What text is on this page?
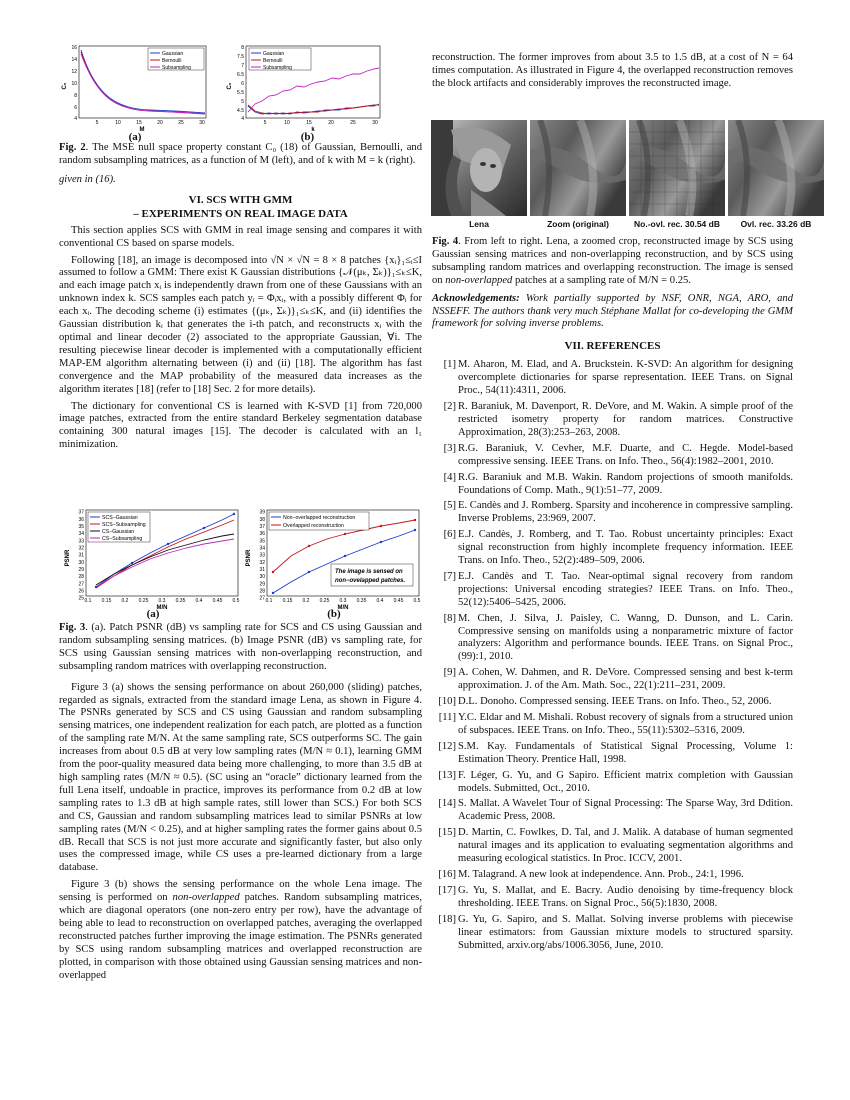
16
14
12
10
8
6
4
5	10	15	20	25	30
M
C₀
Gaussian
Bernoulli
Subsampling
(a)
8
7.5
7
6.5
6
5.5
5
4.5
4
5	10	15	20	25	30
k
C₀
Gaussian
Bernoulli
Subsampling
(b)

Fig. 2. The MSE null space property constant C₀ (18) of Gaussian, Bernoulli, and random subsampling matrices, as a function of M (left), and of k with M = k (right).

given in (16).

VI. SCS WITH GMM
– EXPERIMENTS ON REAL IMAGE DATA

This section applies SCS with GMM in real image sensing and compares it with conventional CS based on sparse models.

Following [18], an image is decomposed into √N × √N = 8 × 8 patches {xᵢ}₁≤ᵢ≤I assumed to follow a GMM: There exist K Gaussian distributions {𝒩(μₖ, Σₖ)}₁≤ₖ≤K, and each image patch xᵢ is independently drawn from one of these Gaussians with an unknown index k. SCS samples each patch yᵢ = Φᵢxᵢ, with a possibly different Φᵢ for each xᵢ. The decoding scheme (i) estimates {(μₖ, Σₖ)}₁≤ₖ≤K, and (ii) identifies the Gaussian distribution kᵢ that generates the i-th patch, and reconstructs xᵢ with the optimal and linear decoder (2) associated to the appropriate Gaussian, ∀i. The resulting piecewise linear decoder is implemented with a computationally efficient MAP-EM algorithm alternating between (i) and (ii) [18]. The algorithm has fast convergence and the MAP probability of the measured data increases as the algorithm iterates [18] (refer to [18] Sec. 2 for more details).

The dictionary for conventional CS is learned with K-SVD [1] from 720,000 image patches, extracted from the entire standard Berkeley segmentation database containing 300 natural images [15]. The decoder is calculated with an l₁ minimization.

37
36
35
34
33
32
31
30
29
28
27
26
25 0.1 0.15 0.2 0.25 0.3 0.35 0.4 0.45 0.5
M/N
PSNR
SCS−Gaussian
SCS−Subsampling
CS−Gaussian
CS−Subsampling
(a)
39
38
37
36
35
34
33
32
31
30
29
28
27 0.1 0.15 0.2 0.25 0.3 0.35 0.4 0.45 0.5
M/N
PSNR
Non−overlapped reconstruction
Overlapped reconstruction
The image is sensed on
non−ovelapped patches.
(b)

Fig. 3. (a). Patch PSNR (dB) vs sampling rate for SCS and CS using Gaussian and random subsampling sensing matrices. (b) Image PSNR (dB) vs sampling rate, for SCS using Gaussian sensing matrices with non-overlapping reconstruction, and subsampling random matrices with overlapping reconstruction.

Figure 3 (a) shows the sensing performance on about 260,000 (sliding) patches, regarded as signals, extracted from the standard image Lena, as shown in Figure 4. The PSNRs generated by SCS and CS using Gaussian and random subsampling sensing matrices, one independent realization for each patch, are plotted as a function of the sampling rate M/N. At the same sampling rate, SCS outperforms SC. The gain increases from about 0.5 dB at very low sampling rates (M/N ≈ 0.1), learning GMM from the poor-quality measured data being more challenging, to more than 3.5 dB at high sampling rates (M/N ≈ 0.5). (SC using an “oracle” dictionary learned from the full Lena itself, undoable in practice, improves its performance from 0.2 dB at low sampling rates to 1.3 dB at high sample rates, still lower than SCS.) For both SCS and CS, Gaussian and random subsampling matrices lead to similar PSNRs at low sampling rates (M/N < 0.25), and at higher sampling rates the former gains about 0.5 dB. Recall that SCS is not just more accurate and significantly faster, but also only uses the compressed image, while CS uses a pre-learned dictionary from a large database.

Figure 3 (b) shows the sensing performance on the whole Lena image. The sensing is performed on non-overlapped patches. Random subsampling matrices, which are diagonal operators (one non-zero entry per row), have the advantage of being able to lead to reconstruction on overlapped patches, averaging the overlapped reconstructed patches further improving the image estimation. The PSNRs generated by SCS using random subsampling matrices and overlapped reconstruction are plotted, in comparison with those obtained using Gaussian sensing matrices and non-overlapped

reconstruction. The former improves from about 3.5 to 1.5 dB, at a cost of N = 64 times computation. As illustrated in Figure 4, the overlapped reconstruction removes the block artifacts and considerably improves the reconstructed image.

Lena	Zoom (original)	No.-ovl. rec. 30.54 dB	Ovl. rec. 33.26 dB

Fig. 4. From left to right. Lena, a zoomed crop, reconstructed image by SCS using Gaussian sensing matrices and non-overlapping reconstruction, and by SCS using subsampling random matrices and overlapping reconstruction. The image is sensed on non-overlapped patches at a sampling rate of M/N = 0.25.

Acknowledgements: Work partially supported by NSF, ONR, NGA, ARO, and NSSEFF. The authors thank very much Stéphane Mallat for co-developing the GMM framework for solving inverse problems.

VII. REFERENCES
[1] M. Aharon, M. Elad, and A. Bruckstein. K-SVD: An algorithm for designing overcomplete dictionaries for sparse representation. IEEE Trans. on Signal Proc., 54(11):4311, 2006.
[2] R. Baraniuk, M. Davenport, R. DeVore, and M. Wakin. A simple proof of the restricted isometry property for random matrices. Constructive Approximation, 28(3):253–263, 2008.
[3] R.G. Baraniuk, V. Cevher, M.F. Duarte, and C. Hegde. Model-based compressive sensing. IEEE Trans. on Info. Theo., 56(4):1982–2001, 2010.
[4] R.G. Baraniuk and M.B. Wakin. Random projections of smooth manifolds. Foundations of Comp. Math., 9(1):51–77, 2009.
[5] E. Candès and J. Romberg. Sparsity and incoherence in compressive sampling. Inverse Problems, 23:969, 2007.
[6] E.J. Candès, J. Romberg, and T. Tao. Robust uncertainty principles: Exact signal reconstruction from highly incomplete frequency information. IEEE Trans. on Info. Theo., 52(2):489–509, 2006.
[7] E.J. Candès and T. Tao. Near-optimal signal recovery from random projections: Universal encoding strategies? IEEE Trans. on Info. Theo., 52(12):5406–5425, 2006.
[8] M. Chen, J. Silva, J. Paisley, C. Wanng, D. Dunson, and L. Carin. Compressive sensing on manifolds using a nonparametric mixture of factor analyzers: Algorithm and performance bounds. IEEE Trans. on Signal Proc., (99):1, 2010.
[9] A. Cohen, W. Dahmen, and R. DeVore. Compressed sensing and best k-term approximation. J. of the Am. Math. Soc., 22(1):211–231, 2009.
[10] D.L. Donoho. Compressed sensing. IEEE Trans. on Info. Theo., 52, 2006.
[11] Y.C. Eldar and M. Mishali. Robust recovery of signals from a structured union of subspaces. IEEE Trans. on Info. Theo., 55(11):5302–5316, 2009.
[12] S.M. Kay. Fundamentals of Statistical Signal Processing, Volume 1: Estimation Theory. Prentice Hall, 1998.
[13] F. Léger, G. Yu, and G Sapiro. Efficient matrix completion with Gaussian models. Submitted, Oct., 2010.
[14] S. Mallat. A Wavelet Tour of Signal Processing: The Sparse Way, 3rd Ddition. Academic Press, 2008.
[15] D. Martin, C. Fowlkes, D. Tal, and J. Malik. A database of human segmented natural images and its application to evaluating segmentation algorithms and measuring ecological statistics. In Proc. ICCV, 2001.
[16] M. Talagrand. A new look at independence. Ann. Prob., 24:1, 1996.
[17] G. Yu, S. Mallat, and E. Bacry. Audio denoising by time-frequency block thresholding. IEEE Trans. on Signal Proc., 56(5):1830, 2008.
[18] G. Yu, G. Sapiro, and S. Mallat. Solving inverse problems with piecewise linear estimators: from Gaussian mixture models to structured sparsity. Submitted, arxiv.org/abs/1006.3056, June, 2010.
